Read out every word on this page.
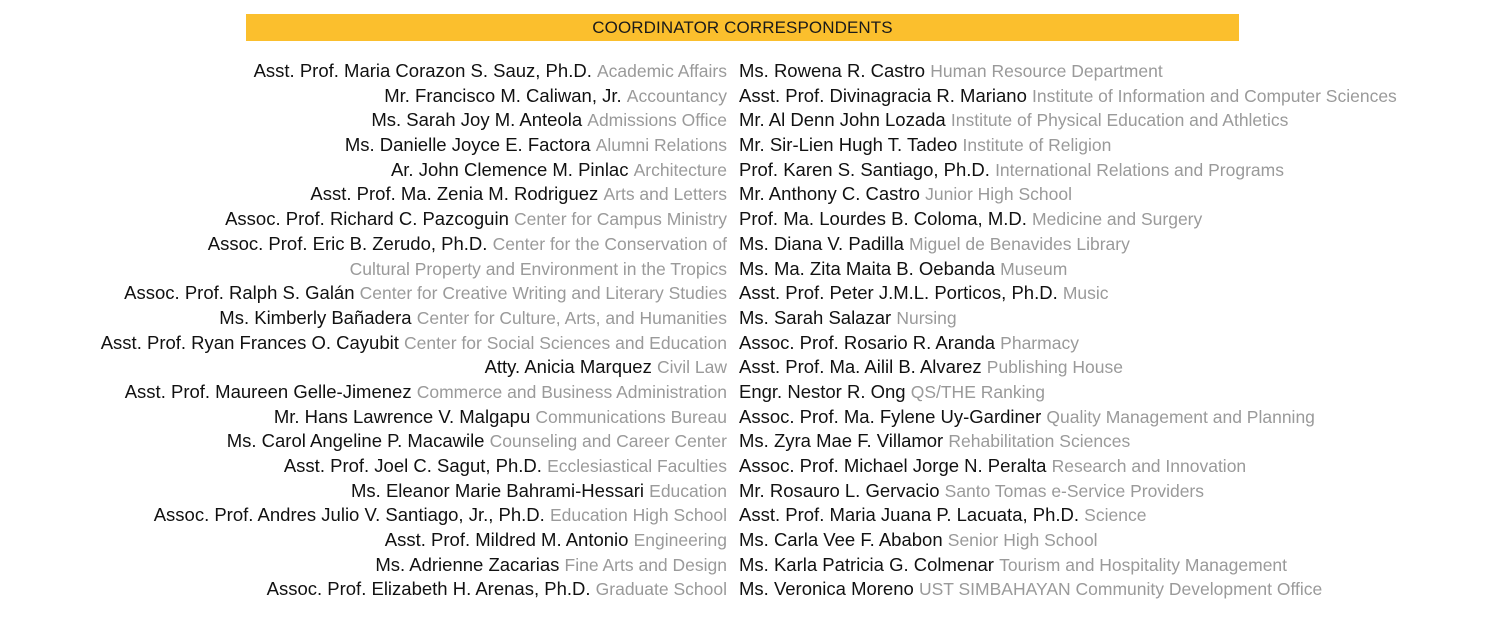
COORDINATOR CORRESPONDENTS
Asst. Prof. Maria Corazon S. Sauz, Ph.D. Academic Affairs
Mr. Francisco M. Caliwan, Jr. Accountancy
Ms. Sarah Joy M. Anteola Admissions Office
Ms. Danielle Joyce E. Factora Alumni Relations
Ar. John Clemence M. Pinlac Architecture
Asst. Prof. Ma. Zenia M. Rodriguez Arts and Letters
Assoc. Prof. Richard C. Pazcoguin Center for Campus Ministry
Assoc. Prof. Eric B. Zerudo, Ph.D. Center for the Conservation of
Cultural Property and Environment in the Tropics
Assoc. Prof. Ralph S. Galán Center for Creative Writing and Literary Studies
Ms. Kimberly Bañadera Center for Culture, Arts, and Humanities
Asst. Prof. Ryan Frances O. Cayubit Center for Social Sciences and Education
Atty. Anicia Marquez Civil Law
Asst. Prof. Maureen Gelle-Jimenez Commerce and Business Administration
Mr. Hans Lawrence V. Malgapu Communications Bureau
Ms. Carol Angeline P. Macawile Counseling and Career Center
Asst. Prof. Joel C. Sagut, Ph.D. Ecclesiastical Faculties
Ms. Eleanor Marie Bahrami-Hessari Education
Assoc. Prof. Andres Julio V. Santiago, Jr., Ph.D. Education High School
Asst. Prof. Mildred M. Antonio Engineering
Ms. Adrienne Zacarias Fine Arts and Design
Assoc. Prof. Elizabeth H. Arenas, Ph.D. Graduate School
Ms. Rowena R. Castro Human Resource Department
Asst. Prof. Divinagracia R. Mariano Institute of Information and Computer Sciences
Mr. Al Denn John Lozada Institute of Physical Education and Athletics
Mr. Sir-Lien Hugh T. Tadeo Institute of Religion
Prof. Karen S. Santiago, Ph.D. International Relations and Programs
Mr. Anthony C. Castro Junior High School
Prof. Ma. Lourdes B. Coloma, M.D. Medicine and Surgery
Ms. Diana V. Padilla Miguel de Benavides Library
Ms. Ma. Zita Maita B. Oebanda Museum
Asst. Prof. Peter J.M.L. Porticos, Ph.D. Music
Ms. Sarah Salazar Nursing
Assoc. Prof. Rosario R. Aranda Pharmacy
Asst. Prof. Ma. Ailil B. Alvarez Publishing House
Engr. Nestor R. Ong QS/THE Ranking
Assoc. Prof. Ma. Fylene Uy-Gardiner Quality Management and Planning
Ms. Zyra Mae F. Villamor Rehabilitation Sciences
Assoc. Prof. Michael Jorge N. Peralta Research and Innovation
Mr. Rosauro L. Gervacio Santo Tomas e-Service Providers
Asst. Prof. Maria Juana P. Lacuata, Ph.D. Science
Ms. Carla Vee F. Ababon Senior High School
Ms. Karla Patricia G. Colmenar Tourism and Hospitality Management
Ms. Veronica Moreno UST SIMBAHAYAN Community Development Office
